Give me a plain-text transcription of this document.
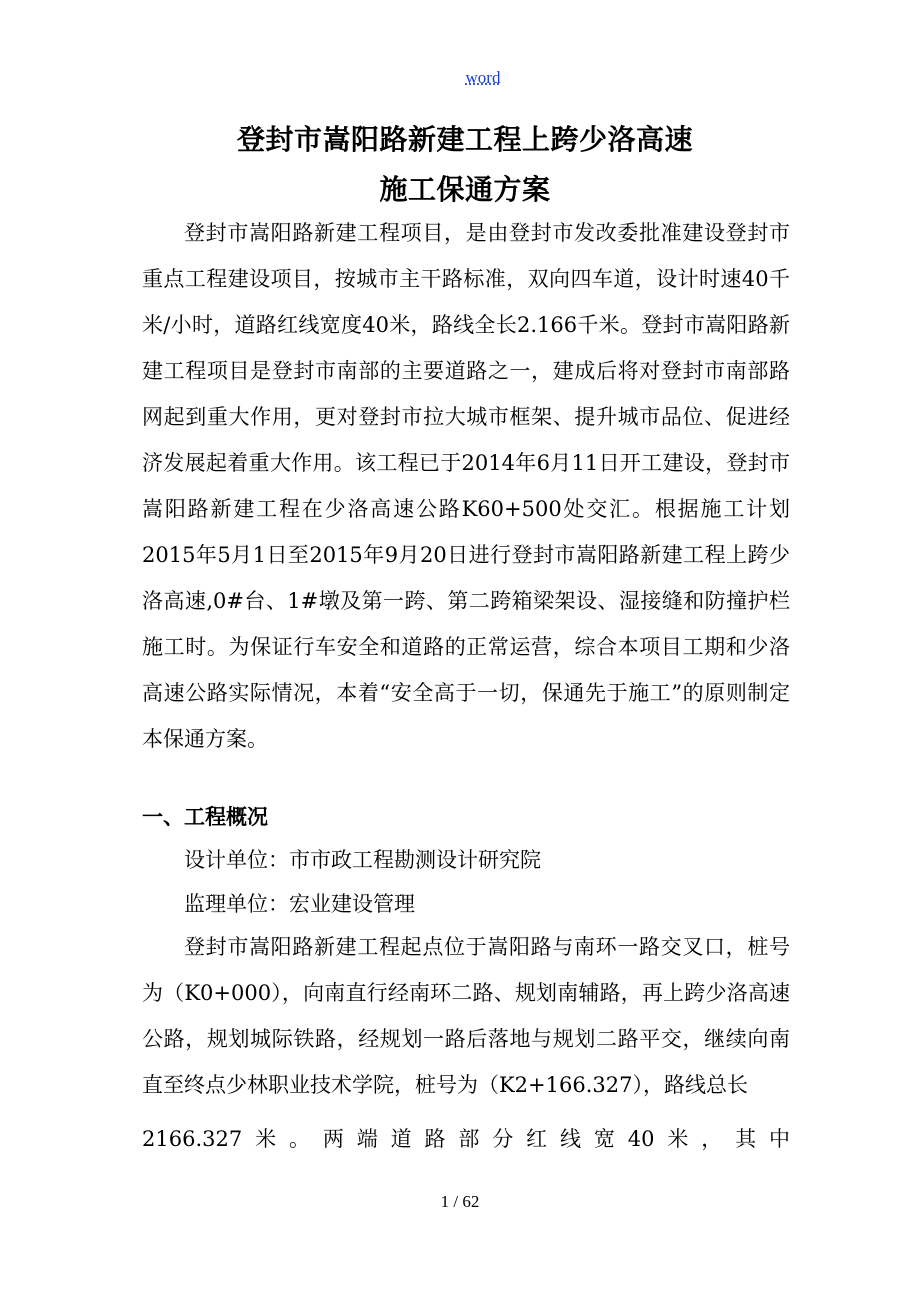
word
登封市嵩阳路新建工程上跨少洛高速
施工保通方案

登封市嵩阳路新建工程项目，是由登封市发改委批准建设登封市重点工程建设项目，按城市主干路标准，双向四车道，设计时速40千米/小时，道路红线宽度40米，路线全长2.166千米。登封市嵩阳路新建工程项目是登封市南部的主要道路之一，建成后将对登封市南部路网起到重大作用，更对登封市拉大城市框架、提升城市品位、促进经济发展起着重大作用。该工程已于2014年6月11日开工建设，登封市嵩阳路新建工程在少洛高速公路K60+500处交汇。根据施工计划2015年5月1日至2015年9月20日进行登封市嵩阳路新建工程上跨少洛高速,0#台、1#墩及第一跨、第二跨箱梁架设、湿接缝和防撞护栏施工时。为保证行车安全和道路的正常运营，综合本项目工期和少洛高速公路实际情况，本着“安全高于一切，保通先于施工”的原则制定本保通方案。

一、工程概况
设计单位：市市政工程勘测设计研究院
监理单位：宏业建设管理

登封市嵩阳路新建工程起点位于嵩阳路与南环一路交叉口，桩号为（K0+000），向南直行经南环二路、规划南辅路，再上跨少洛高速公路，规划城际铁路，经规划一路后落地与规划二路平交，继续向南直至终点少林职业技术学院，桩号为（K2+166.327），路线总长

2166.327 米 。 两 端 道 路 部 分 红 线 宽 40 米 ， 其 中
1 / 62
